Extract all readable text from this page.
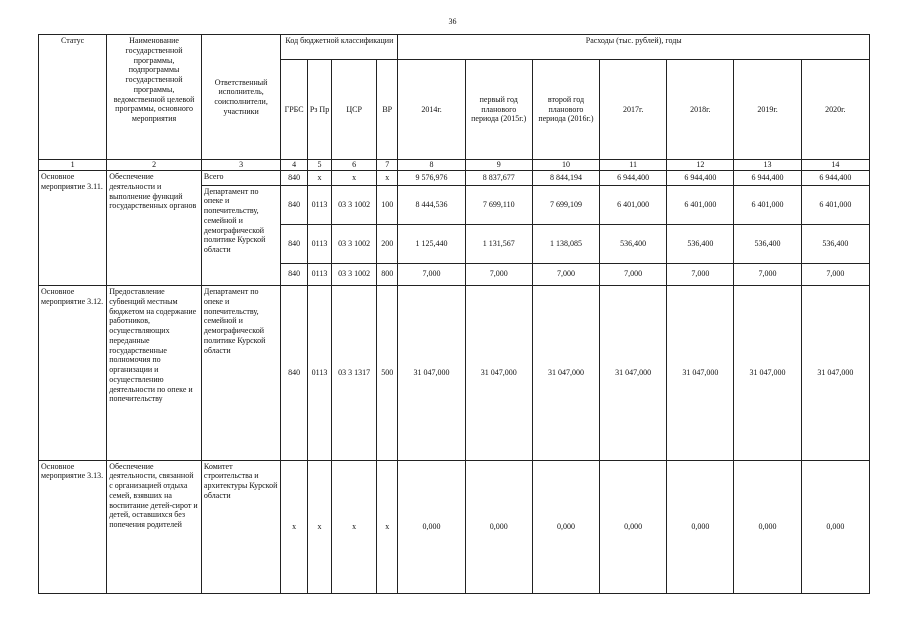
36
Статус	Наименование государственной программы, подпрограммы государственной программы, ведомственной целевой программы, основного мероприятия	Ответственный исполнитель, соисполнители, участники	Код бюджетной классификации				Расходы (тыс. рублей), годы						
			ГРБС	Рз Пр	ЦСР	ВР	2014г.	первый год планового периода (2015г.)	второй год планового периода (2016г.)	2017г.	2018г.	2019г.	2020г.
1	2	3	4	5	6	7	8	9	10	11	12	13	14
Основное мероприятие 3.11.	Обеспечение деятельности и выполнение функций государственных органов	Всего	840	х	х	х	9 576,976	8 837,677	8 844,194	6 944,400	6 944,400	6 944,400	6 944,400
		Департамент по опеке и попечительству, семейной и демографической политике Курской области	840	0113	03 3 1002	100	8 444,536	7 699,110	7 699,109	6 401,000	6 401,000	6 401,000	6 401,000
			840	0113	03 3 1002	200	1 125,440	1 131,567	1 138,085	536,400	536,400	536,400	536,400
			840	0113	03 3 1002	800	7,000	7,000	7,000	7,000	7,000	7,000	7,000
Основное мероприятие 3.12.	Предоставление субвенций местным бюджетом на содержание работников, осуществляющих переданные государственные полномочия по организации и осуществлению деятельности по опеке и попечительству	Департамент по опеке и попечительству, семейной и демографической политике Курской области	840	0113	03 3 1317	500	31 047,000	31 047,000	31 047,000	31 047,000	31 047,000	31 047,000	31 047,000
Основное мероприятие 3.13.	Обеспечение деятельности, связанной с организацией отдыха семей, взявших на воспитание детей-сирот и детей, оставшихся без попечения родителей	Комитет строительства и архитектуры Курской области	х	х	х	х	0,000	0,000	0,000	0,000	0,000	0,000	0,000
